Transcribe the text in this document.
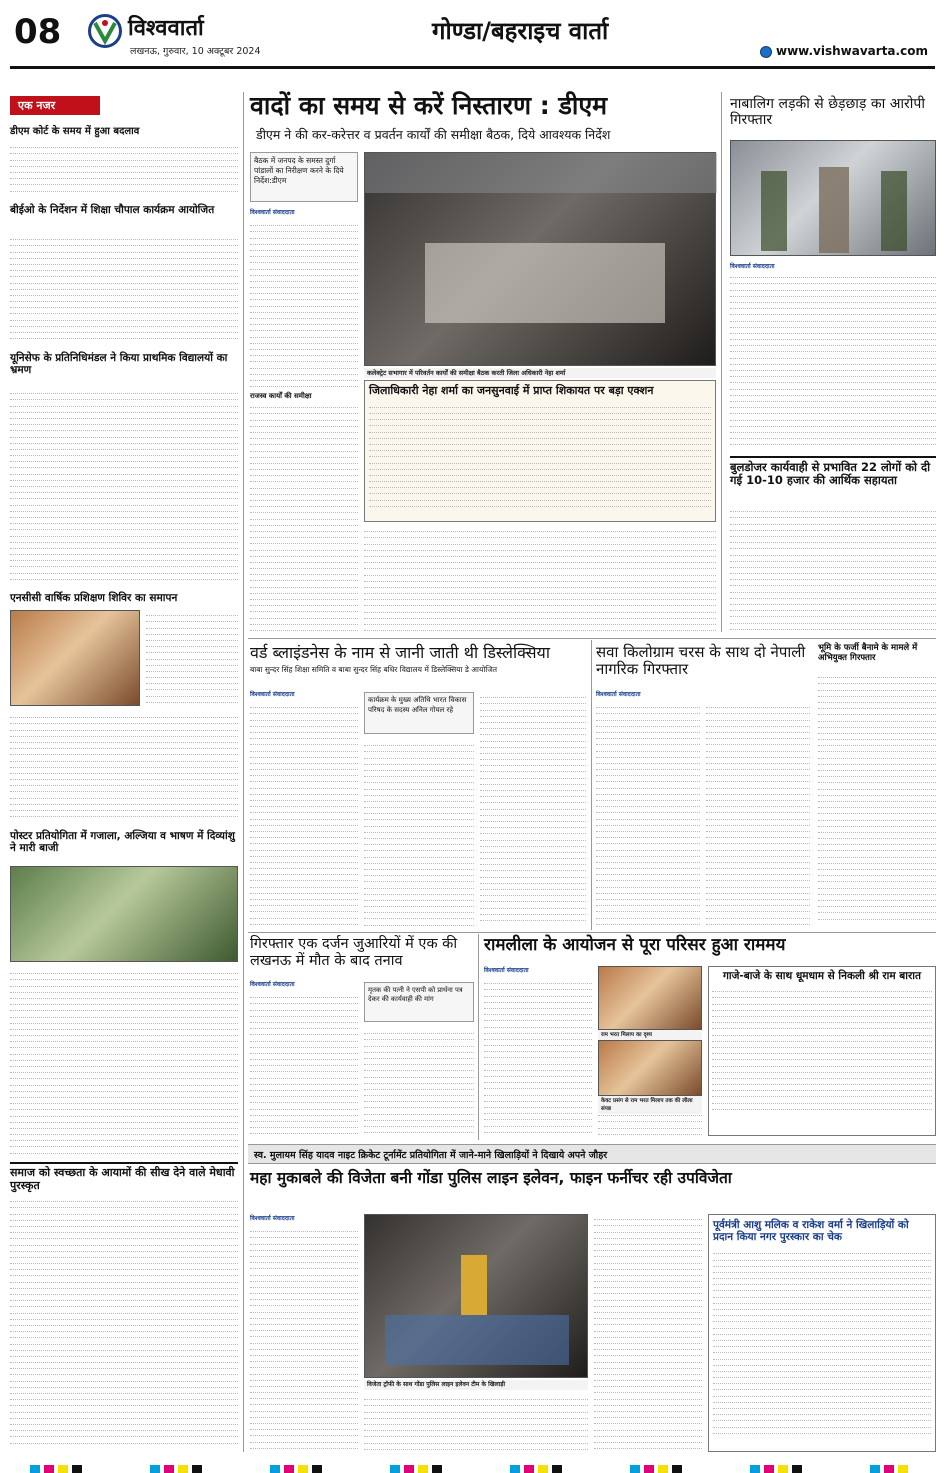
08	विश्ववार्ता
लखनऊ, गुरुवार, 10 अक्टूबर 2024
गोण्डा/बहराइच वार्ता
www.vishwavarta.com
एक नजर
डीएम कोर्ट के समय में हुआ बदलाव
बीईओ के निर्देशन में शिक्षा चौपाल कार्यक्रम आयोजित
यूनिसेफ के प्रतिनिधिमंडल ने किया प्राथमिक विद्यालयों का भ्रमण
एनसीसी वार्षिक प्रशिक्षण शिविर का समापन
पोस्टर प्रतियोगिता में गजाला, अल्जिया व भाषण में दिव्यांशु ने मारी बाजी
समाज को स्वच्छता के आयामों की सीख देने वाले मेधावी पुरस्कृत
वादों का समय से करें निस्तारण : डीएम
डीएम ने की कर-करेत्तर व प्रवर्तन कार्यों की समीक्षा बैठक, दिये आवश्यक निर्देश
बैठक में जनपद के समस्त दुर्गा पांडालों का निरीक्षण करने के दिये निर्देश:डीएम
कलेक्ट्रेट सभागार में परिवर्तन कार्यों की समीक्षा बैठक करती जिला अधिकारी नेहा शर्मा
विश्ववार्ता संवाददाता
राजस्व कार्यों की समीक्षा	जिलाधिकारी नेहा शर्मा का जनसुनवाई में प्राप्त शिकायत पर बड़ा एक्शन
नाबालिग लड़की से छेड़छाड़ का आरोपी गिरफ्तार
विश्ववार्ता संवाददाता
बुलडोजर कार्यवाही से प्रभावित 22 लोगों को दी गई 10-10 हजार की आर्थिक सहायता
वर्ड ब्लाइंडनेस के नाम से जानी जाती थी डिस्लेक्सिया
बाबा सुन्दर सिंह शिक्षा समिति व बाबा सुन्दर सिंह बधिर विद्यालय में डिस्लेक्सिया डे आयोजित
विश्ववार्ता संवाददाता
कार्यक्रम के मुख्य अतिथि भारत विकास परिषद के सदस्य अनिल गोयल रहे
सवा किलोग्राम चरस के साथ दो नेपाली नागरिक गिरफ्तार
विश्ववार्ता संवाददाता
भूमि के फर्जी बैनामे के मामले में अभियुक्त गिरफ्तार
गिरफ्तार एक दर्जन जुआरियों में एक की लखनऊ में मौत के बाद तनाव
विश्ववार्ता संवाददाता
मृतक की पत्नी ने एसपी को प्रार्थना पत्र देकर की कार्यवाही की मांग
रामलीला के आयोजन से पूरा परिसर हुआ राममय
विश्ववार्ता संवाददाता
राम भरत मिलाप का दृश्य
केवट प्रसंग से राम भरत मिलाप तक की लीला संपन्न
गाजे-बाजे के साथ धूमधाम से निकली श्री राम बारात
स्व. मुलायम सिंह यादव नाइट क्रिकेट टूर्नामेंट प्रतियोगिता में जाने-माने खिलाड़ियों ने दिखाये अपने जौहर
महा मुकाबले की विजेता बनी गोंडा पुलिस लाइन इलेवन, फाइन फर्नीचर रही उपविजेता
विश्ववार्ता संवाददाता
विजेता ट्रॉफी के साथ गोंडा पुलिस लाइन इलेवन टीम के खिलाड़ी
पूर्वमंत्री आशु मलिक व राकेश वर्मा ने खिलाड़ियों को प्रदान किया नगर पुरस्कार का चेक
